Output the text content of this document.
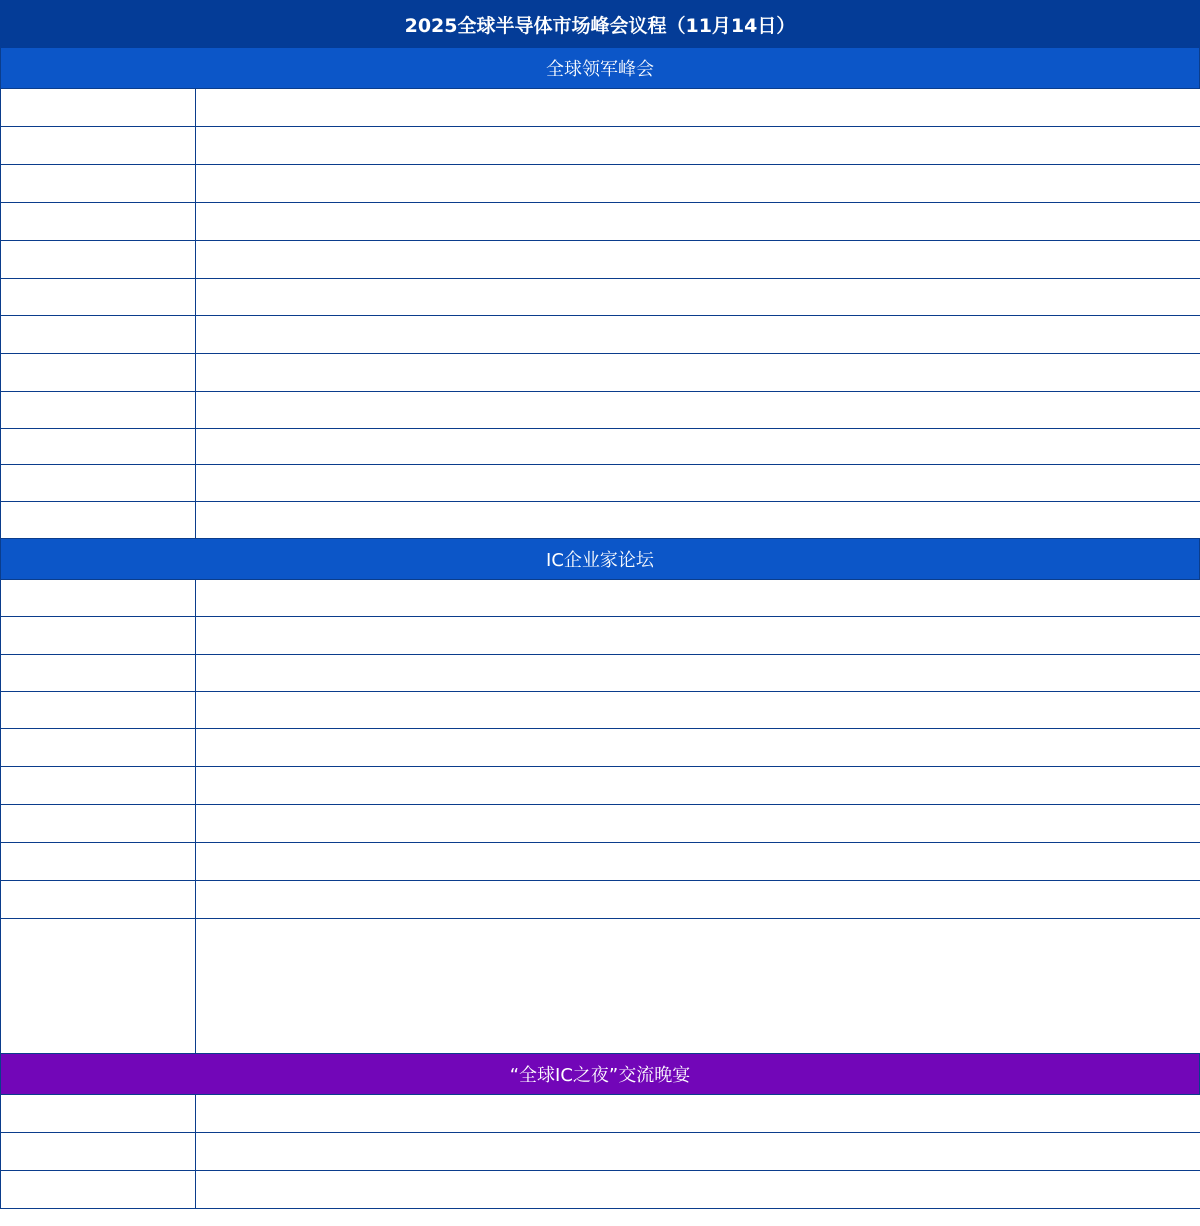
2025全球半导体市场峰会议程（11月14日）
全球领军峰会

IC企业家论坛

“全球IC之夜”交流晚宴
